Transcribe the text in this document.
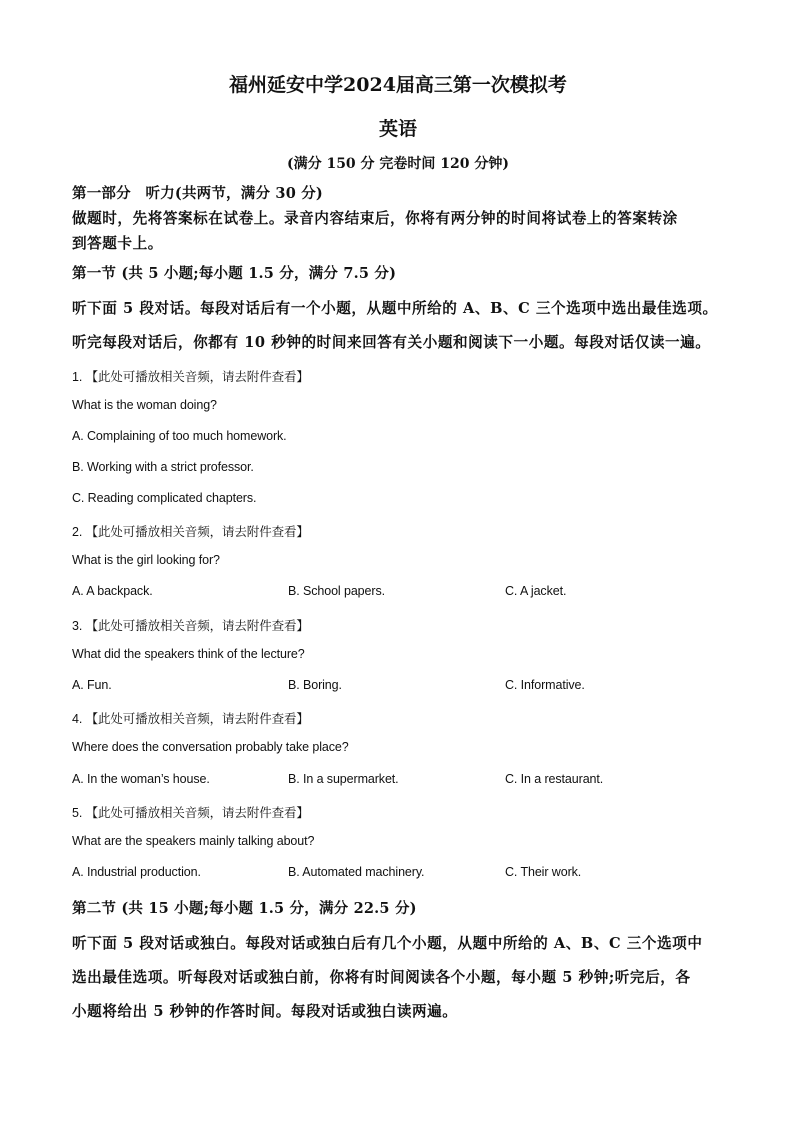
福州延安中学2024届高三第一次模拟考
英语
(满分 150 分 完卷时间 120 分钟)
第一部分　听力(共两节，满分 30 分)
做题时，先将答案标在试卷上。录音内容结束后，你将有两分钟的时间将试卷上的答案转涂
到答题卡上。
第一节 (共 5 小题;每小题 1.5 分，满分 7.5 分)
听下面 5 段对话。每段对话后有一个小题，从题中所给的 A、B、C 三个选项中选出最佳选项。
听完每段对话后，你都有 10 秒钟的时间来回答有关小题和阅读下一小题。每段对话仅读一遍。
1. 【此处可播放相关音频，请去附件查看】
What is the woman doing?
A. Complaining of too much homework.
B. Working with a strict professor.
C. Reading complicated chapters.
2. 【此处可播放相关音频，请去附件查看】
What is the girl looking for?
A. A backpack.	B. School papers.	C. A jacket.
3. 【此处可播放相关音频，请去附件查看】
What did the speakers think of the lecture?
A. Fun.	B. Boring.	C. Informative.
4. 【此处可播放相关音频，请去附件查看】
Where does the conversation probably take place?
A. In the woman’s house.	B. In a supermarket.	C. In a restaurant.
5. 【此处可播放相关音频，请去附件查看】
What are the speakers mainly talking about?
A. Industrial production.	B. Automated machinery.	C. Their work.
第二节 (共 15 小题;每小题 1.5 分，满分 22.5 分)
听下面 5 段对话或独白。每段对话或独白后有几个小题，从题中所给的 A、B、C 三个选项中
选出最佳选项。听每段对话或独白前，你将有时间阅读各个小题，每小题 5 秒钟;听完后，各
小题将给出 5 秒钟的作答时间。每段对话或独白读两遍。
